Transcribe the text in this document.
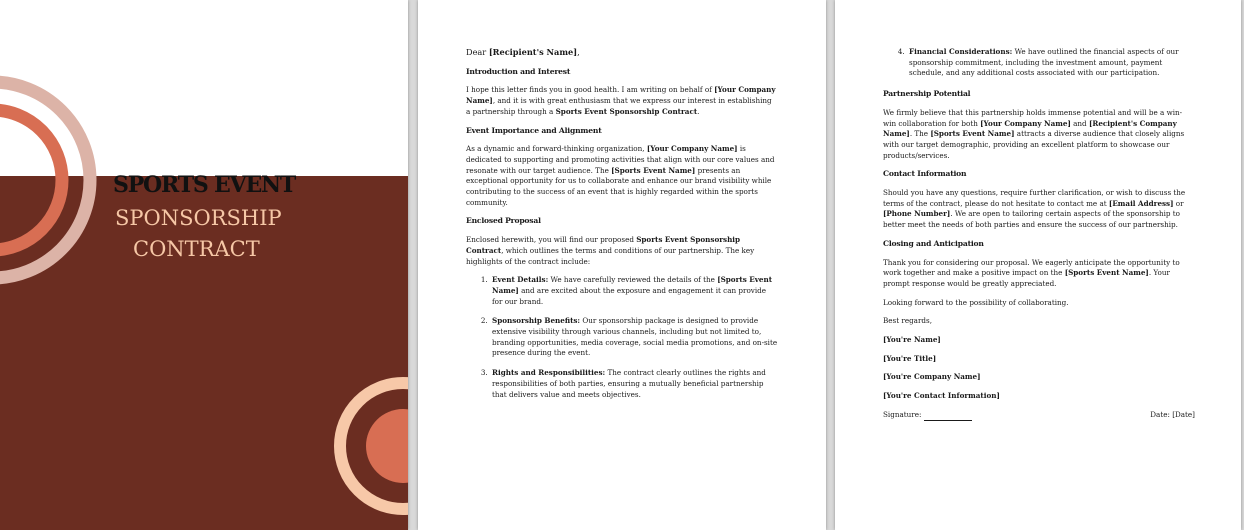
SPORTS EVENT
SPONSORSHIP
CONTRACT

Dear [Recipient's Name],

Introduction and Interest

I hope this letter finds you in good health. I am writing on behalf of [Your Company Name], and it is with great enthusiasm that we express our interest in establishing a partnership through a Sports Event Sponsorship Contract.

Event Importance and Alignment

As a dynamic and forward-thinking organization, [Your Company Name] is dedicated to supporting and promoting activities that align with our core values and resonate with our target audience. The [Sports Event Name] presents an exceptional opportunity for us to collaborate and enhance our brand visibility while contributing to the success of an event that is highly regarded within the sports community.

Enclosed Proposal

Enclosed herewith, you will find our proposed Sports Event Sponsorship Contract, which outlines the terms and conditions of our partnership. The key highlights of the contract include:

1. Event Details: We have carefully reviewed the details of the [Sports Event Name] and are excited about the exposure and engagement it can provide for our brand.
2. Sponsorship Benefits: Our sponsorship package is designed to provide extensive visibility through various channels, including but not limited to, branding opportunities, media coverage, social media promotions, and on-site presence during the event.
3. Rights and Responsibilities: The contract clearly outlines the rights and responsibilities of both parties, ensuring a mutually beneficial partnership that delivers value and meets objectives.
4. Financial Considerations: We have outlined the financial aspects of our sponsorship commitment, including the investment amount, payment schedule, and any additional costs associated with our participation.
Partnership Potential

We firmly believe that this partnership holds immense potential and will be a win-win collaboration for both [Your Company Name] and [Recipient's Company Name]. The [Sports Event Name] attracts a diverse audience that closely aligns with our target demographic, providing an excellent platform to showcase our products/services.

Contact Information

Should you have any questions, require further clarification, or wish to discuss the terms of the contract, please do not hesitate to contact me at [Email Address] or [Phone Number]. We are open to tailoring certain aspects of the sponsorship to better meet the needs of both parties and ensure the success of our partnership.

Closing and Anticipation

Thank you for considering our proposal. We eagerly anticipate the opportunity to work together and make a positive impact on the [Sports Event Name]. Your prompt response would be greatly appreciated.

Looking forward to the possibility of collaborating.

Best regards,

[You're Name]

[You're Title]

[You're Company Name]

[You're Contact Information]

Signature:	Date: [Date]
